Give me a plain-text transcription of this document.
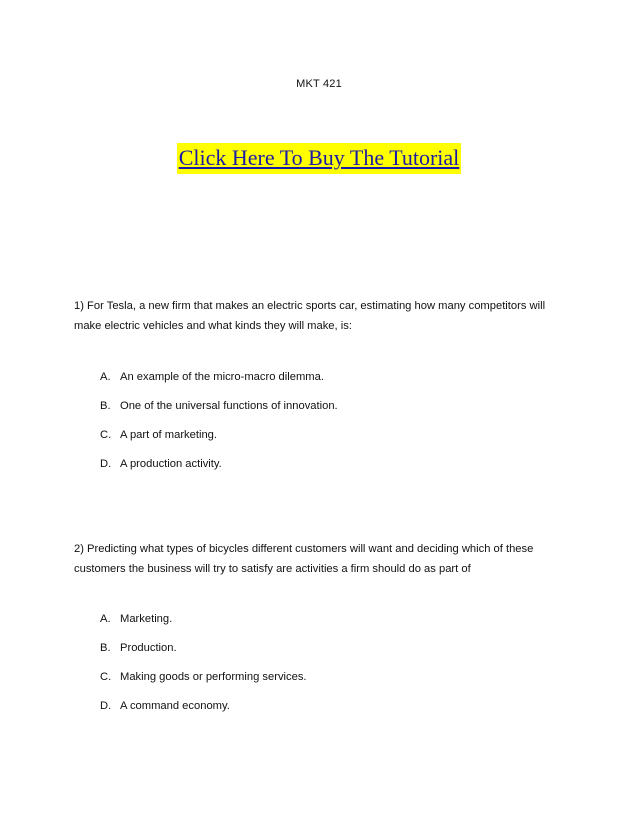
MKT 421
Click Here To Buy The Tutorial
1) For Tesla, a new firm that makes an electric sports car, estimating how many competitors will make electric vehicles and what kinds they will make, is:
A. An example of the micro-macro dilemma.
B. One of the universal functions of innovation.
C. A part of marketing.
D. A production activity.
2) Predicting what types of bicycles different customers will want and deciding which of these customers the business will try to satisfy are activities a firm should do as part of
A. Marketing.
B. Production.
C. Making goods or performing services.
D. A command economy.
